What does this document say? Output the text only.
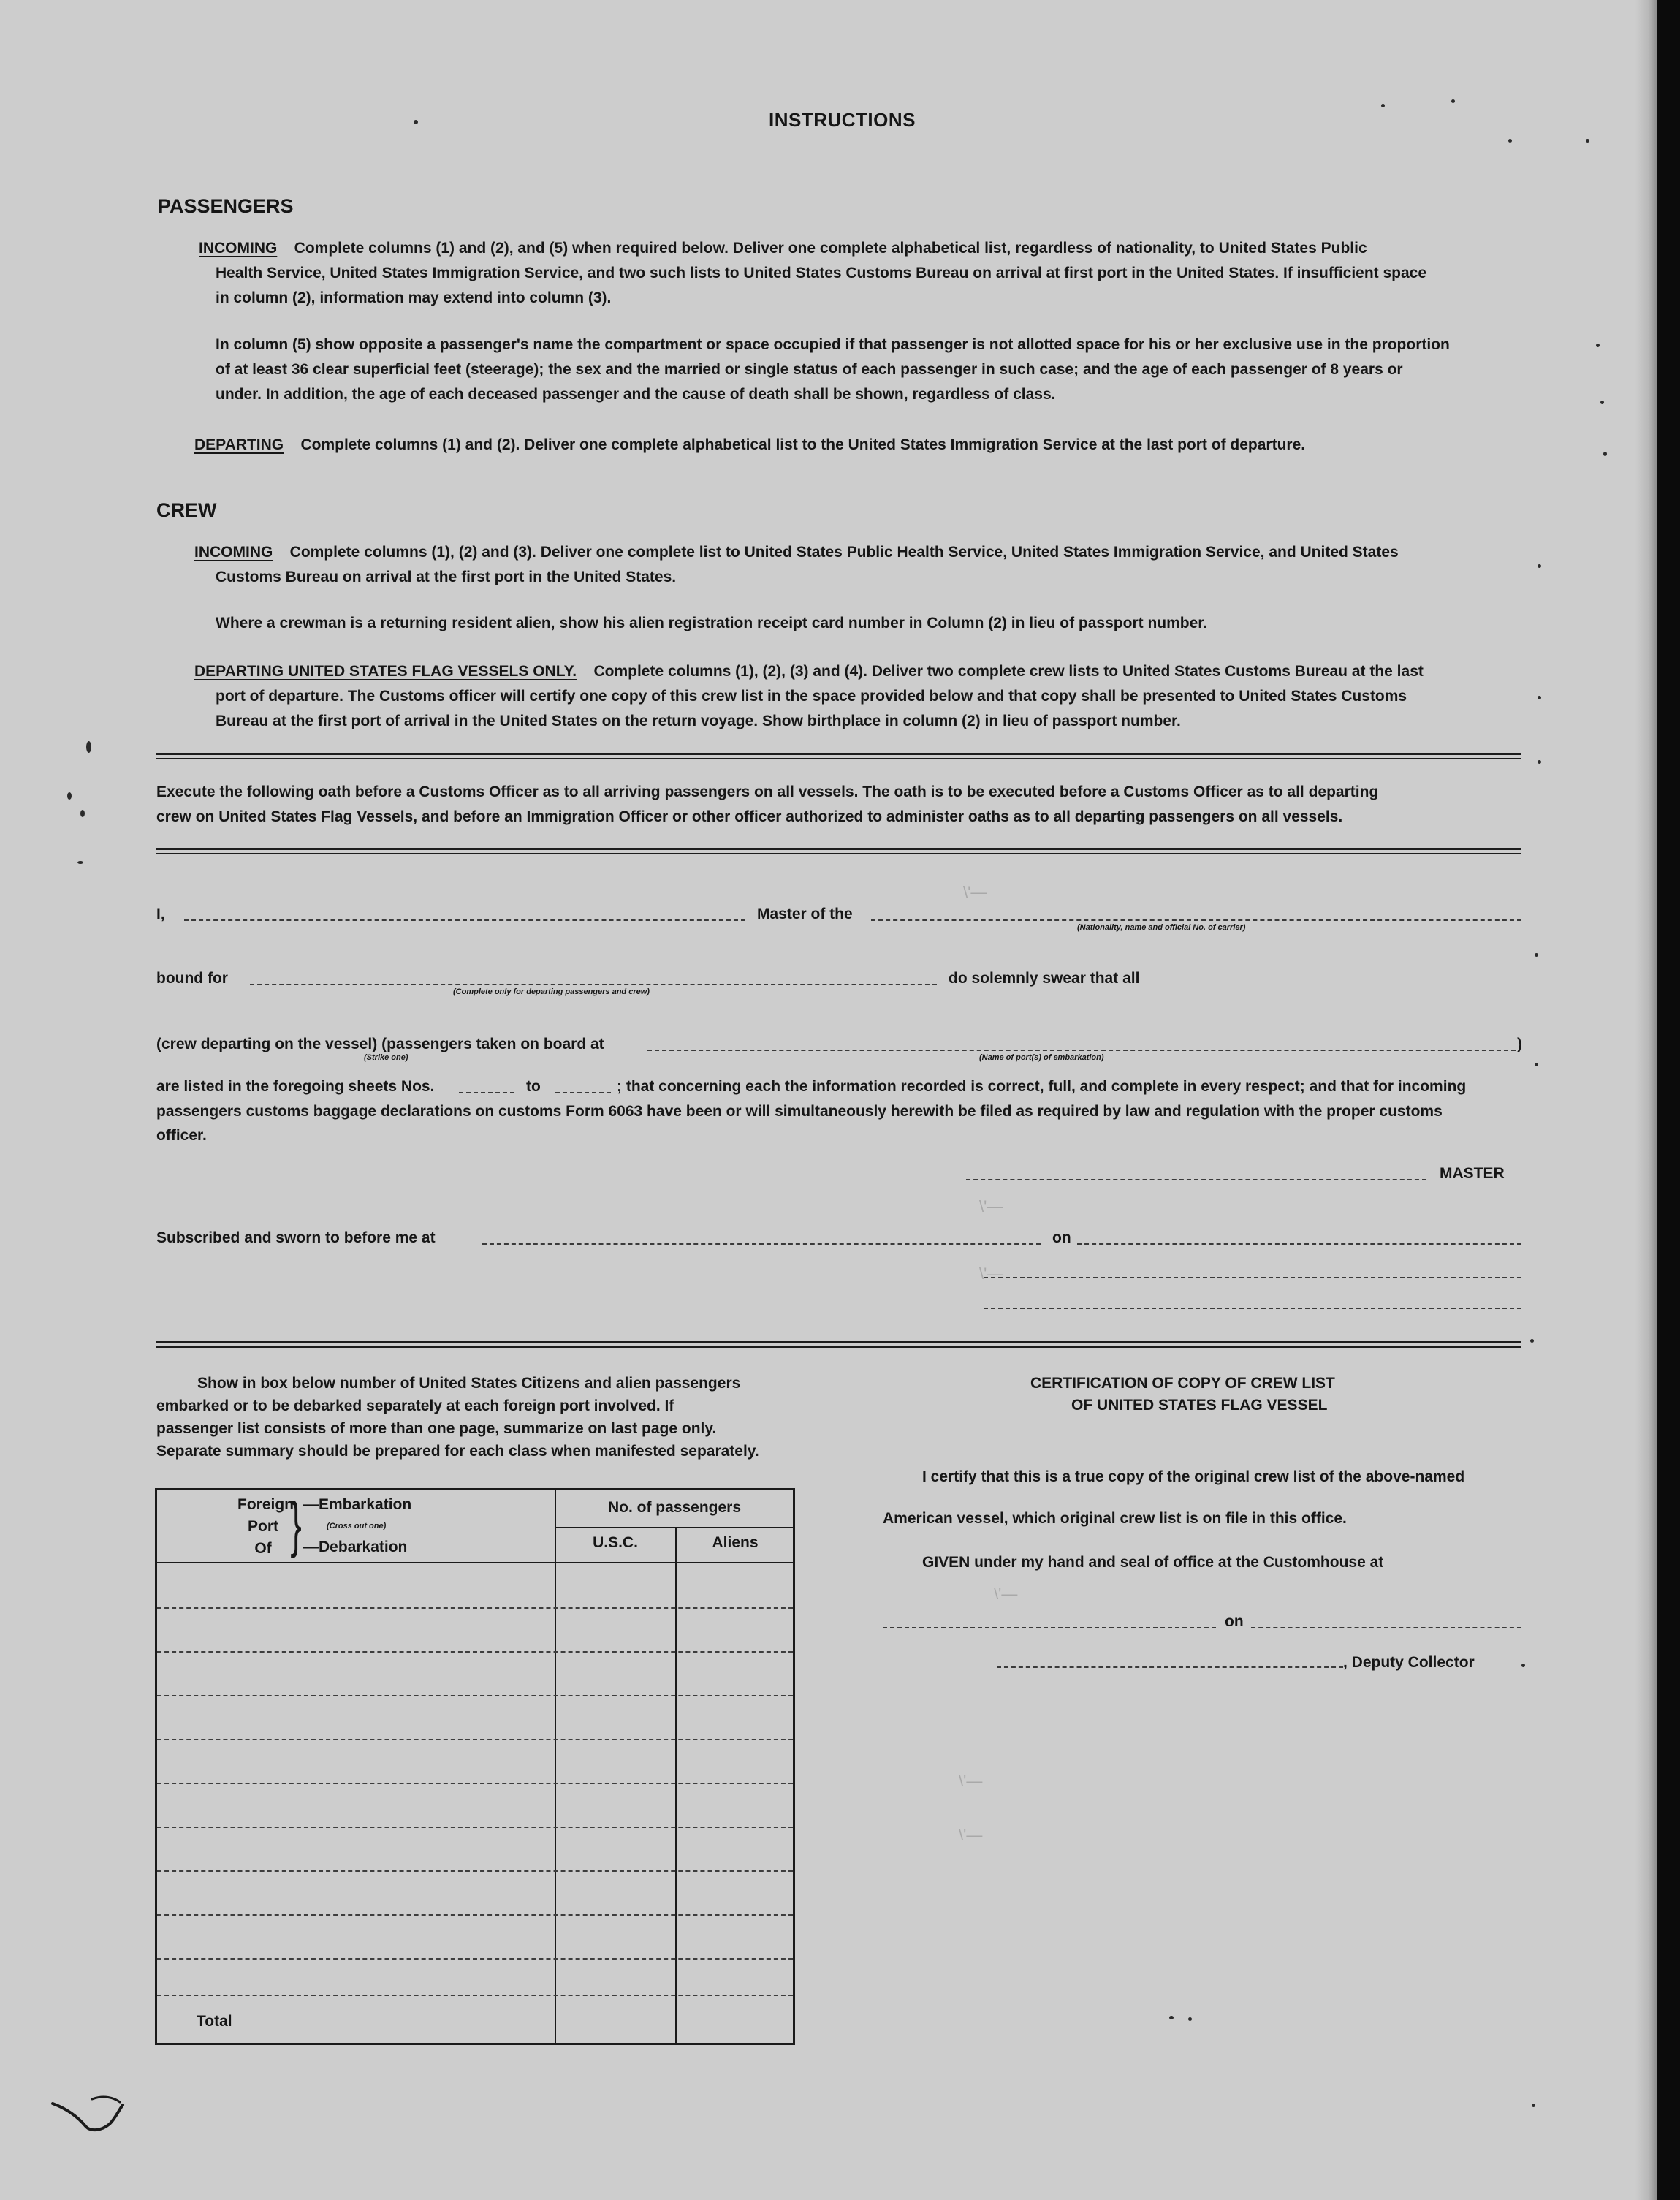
INSTRUCTIONS
PASSENGERS
INCOMING Complete columns (1) and (2), and (5) when required below. Deliver one complete alphabetical list, regardless of nationality, to United States Public
Health Service, United States Immigration Service, and two such lists to United States Customs Bureau on arrival at first port in the United States. If insufficient space
in column (2), information may extend into column (3).
In column (5) show opposite a passenger's name the compartment or space occupied if that passenger is not allotted space for his or her exclusive use in the proportion
of at least 36 clear superficial feet (steerage); the sex and the married or single status of each passenger in such case; and the age of each passenger of 8 years or
under. In addition, the age of each deceased passenger and the cause of death shall be shown, regardless of class.
DEPARTING Complete columns (1) and (2). Deliver one complete alphabetical list to the United States Immigration Service at the last port of departure.
CREW
INCOMING Complete columns (1), (2) and (3). Deliver one complete list to United States Public Health Service, United States Immigration Service, and United States
Customs Bureau on arrival at the first port in the United States.
Where a crewman is a returning resident alien, show his alien registration receipt card number in Column (2) in lieu of passport number.
DEPARTING UNITED STATES FLAG VESSELS ONLY. Complete columns (1), (2), (3) and (4). Deliver two complete crew lists to United States Customs Bureau at the last
port of departure. The Customs officer will certify one copy of this crew list in the space provided below and that copy shall be presented to United States Customs
Bureau at the first port of arrival in the United States on the return voyage. Show birthplace in column (2) in lieu of passport number.
Execute the following oath before a Customs Officer as to all arriving passengers on all vessels. The oath is to be executed before a Customs Officer as to all departing
crew on United States Flag Vessels, and before an Immigration Officer or other officer authorized to administer oaths as to all departing passengers on all vessels.
I,	Master of the
(Nationality, name and official No. of carrier)
bound for
(Complete only for departing passengers and crew)
do solemnly swear that all
(crew departing on the vessel) (passengers taken on board at	)
(Strike one)	(Name of port(s) of embarkation)
are listed in the foregoing sheets Nos.	to	; that concerning each the information recorded is correct, full, and complete in every respect; and that for incoming
passengers customs baggage declarations on customs Form 6063 have been or will simultaneously herewith be filed as required by law and regulation with the proper customs
officer.
MASTER
Subscribed and sworn to before me at	on
Show in box below number of United States Citizens and alien passengers
embarked or to be debarked separately at each foreign port involved. If
passenger list consists of more than one page, summarize on last page only.
Separate summary should be prepared for each class when manifested separately.
Foreign
Port
Of } —Embarkation
(Cross out one)
—Debarkation
No. of passengers
U.S.C.	Aliens
Total
CERTIFICATION OF COPY OF CREW LIST
OF UNITED STATES FLAG VESSEL
I certify that this is a true copy of the original crew list of the above-named
American vessel, which original crew list is on file in this office.
GIVEN under my hand and seal of office at the Customhouse at
on
, Deputy Collector
\'—
\'—
\'—
\'—
\'—
\'—
